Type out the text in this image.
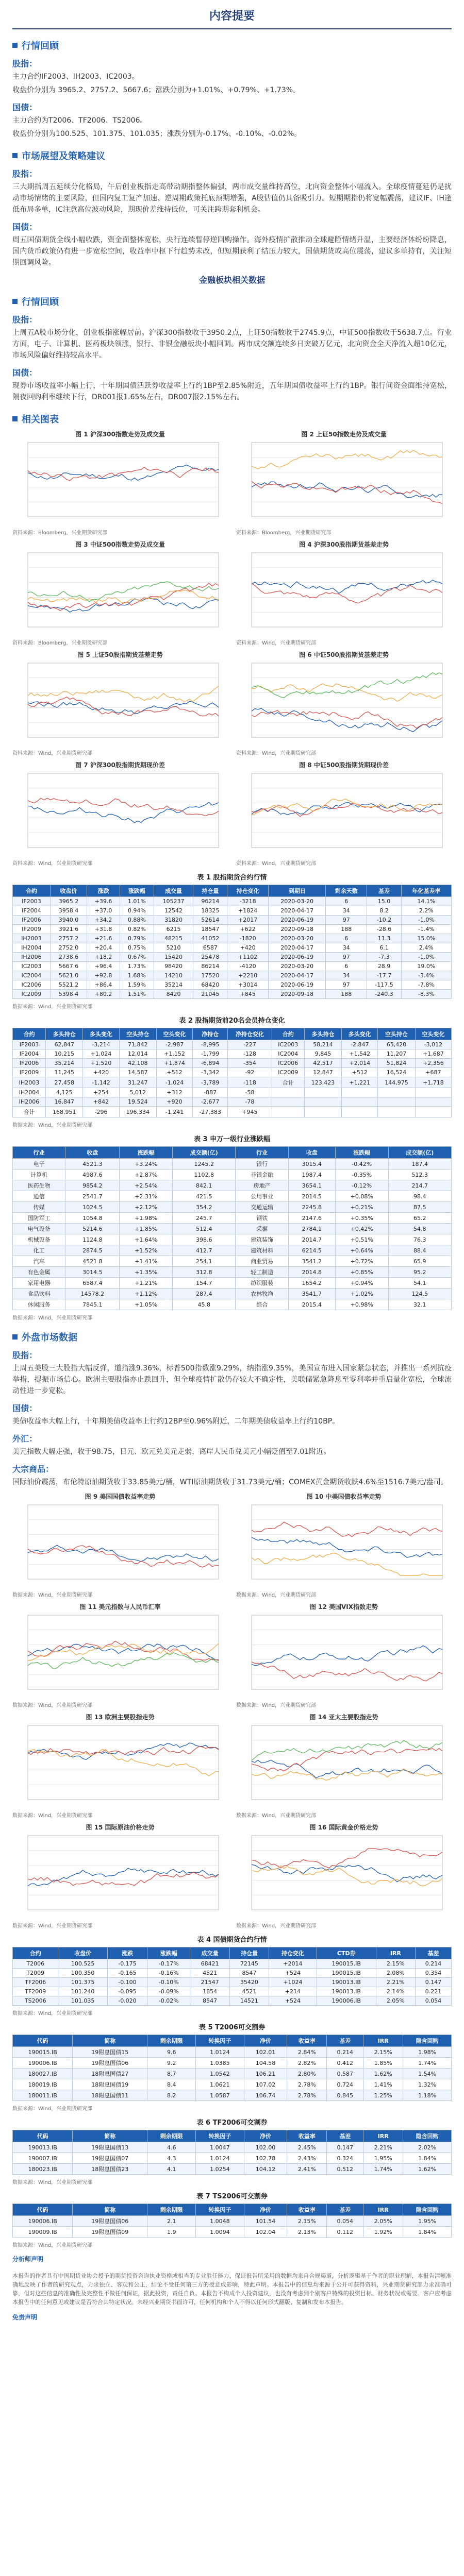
内容提要
行情回顾
股指：
主力合约IF2003、IH2003、IC2003。
收盘价分别为 3965.2、2757.2、5667.6；涨跌分别为+1.01%、+0.79%、+1.73%。
国债：
主力合约为T2006、TF2006、TS2006。
收盘价分别为100.525、101.375、101.035；涨跌分别为-0.17%、-0.10%、-0.02%。
市场展望及策略建议
股指：
三大期指周五延续分化格局，午后创业板指走高带动期指整体偏强，两市成交量维持高位，北向资金整体小幅流入。全球疫情蔓延仍是扰动市场情绪的主要风险，但国内复工复产加速、逆周期政策托底预期增强，A股估值仍具备吸引力。短期期指仍将宽幅震荡，建议IF、IH逢低布局多单，IC注意高位波动风险，期现价差维持低位，可关注跨期套利机会。
国债：
周五国债期货全线小幅收跌，资金面整体宽松，央行连续暂停逆回购操作。海外疫情扩散推动全球避险情绪升温，主要经济体纷纷降息，国内货币政策仍有进一步宽松空间，收益率中枢下行趋势未改，但短期获利了结压力较大，国债期货或高位震荡，建议多单持有，关注短期回调风险。
金融板块相关数据
行情回顾
股指：
上周五A股市场分化，创业板指涨幅居前。沪深300指数收于3950.2点，上证50指数收于2745.9点，中证500指数收于5638.7点。行业方面，电子、计算机、医药板块领涨，银行、非银金融板块小幅回调。两市成交额连续多日突破万亿元，北向资金全天净流入超10亿元，市场风险偏好维持较高水平。
国债：
现券市场收益率小幅上行，十年期国债活跃券收益率上行约1BP至2.85%附近，五年期国债收益率上行约1BP。银行间资金面维持宽松，隔夜回购利率继续下行，DR001报1.65%左右，DR007报2.15%左右。
相关图表
图 1 沪深300指数走势及成交量
资料来源：Bloomberg，兴业期货研究部
图 2 上证50指数走势及成交量
资料来源：Bloomberg，兴业期货研究部
图 3 中证500指数走势及成交量
资料来源：Bloomberg，兴业期货研究部
图 4 沪深300股指期货基差走势
资料来源：Wind，兴业期货研究部
图 5 上证50股指期货基差走势
资料来源：Wind，兴业期货研究部
图 6 中证500股指期货基差走势
资料来源：Wind，兴业期货研究部
图 7 沪深300股指期货期现价差
资料来源：Wind，兴业期货研究部
图 8 中证500股指期货期现价差
资料来源：Wind，兴业期货研究部
表 1 股指期货合约行情
合约	收盘价	涨跌	涨跌幅	成交量	持仓量	持仓变化	到期日	剩余天数	基差	年化基差率
IF2003	3965.2	+39.6	1.01%	105237	96214	-3218	2020-03-20	6	15.0	14.1%
IF2004	3958.4	+37.0	0.94%	12542	18325	+1824	2020-04-17	34	8.2	2.2%
IF2006	3940.0	+34.2	0.88%	31820	52614	+2017	2020-06-19	97	-10.2	-1.0%
IF2009	3921.6	+31.8	0.82%	6215	18547	+622	2020-09-18	188	-28.6	-1.4%
IH2003	2757.2	+21.6	0.79%	48215	41052	-1820	2020-03-20	6	11.3	15.0%
IH2004	2752.0	+20.4	0.75%	5210	6587	+420	2020-04-17	34	6.1	2.4%
IH2006	2738.6	+18.2	0.67%	15420	25478	+1102	2020-06-19	97	-7.3	-1.0%
IC2003	5667.6	+96.4	1.73%	98420	86214	-4120	2020-03-20	6	28.9	19.0%
IC2004	5621.0	+92.8	1.68%	14210	17520	+2210	2020-04-17	34	-17.7	-3.4%
IC2006	5521.2	+86.4	1.59%	35214	68420	+3014	2020-06-19	97	-117.5	-7.8%
IC2009	5398.4	+80.2	1.51%	8420	21045	+845	2020-09-18	188	-240.3	-8.3%
数据来源：Wind，兴业期货研究部
表 2 股指期货前20名会员持仓变化
合约	多头持仓	多头变化	空头持仓	空头变化	净持仓	净持仓变化	合约	多头持仓	多头变化	空头持仓	空头变化
IF2003	62,847	-3,214	71,842	-2,987	-8,995	-227	IC2003	58,214	-2,847	65,420	-3,012
IF2004	10,215	+1,024	12,014	+1,152	-1,799	-128	IC2004	9,845	+1,542	11,207	+1,687
IF2006	35,214	+1,520	42,108	+1,874	-6,894	-354	IC2006	42,517	+2,014	51,824	+2,356
IF2009	11,245	+420	14,587	+512	-3,342	-92	IC2009	12,847	+512	16,524	+687
IH2003	27,458	-1,142	31,247	-1,024	-3,789	-118	合计	123,423	+1,221	144,975	+1,718
IH2004	4,125	+254	5,012	+312	-887	-58					
IH2006	16,847	+842	19,524	+920	-2,677	-78					
合计	168,951	-296	196,334	-1,241	-27,383	+945					
数据来源：Wind，兴业期货研究部
表 3 申万一级行业涨跌幅
行业	收盘	涨跌幅	成交额(亿)	行业	收盘	涨跌幅	成交额(亿)
电子	4521.3	+3.24%	1245.2	银行	3015.4	-0.42%	187.4
计算机	4987.6	+2.87%	1102.8	非银金融	1987.4	-0.35%	512.3
医药生物	9854.2	+2.54%	842.1	房地产	3654.1	-0.12%	214.7
通信	2541.7	+2.31%	421.5	公用事业	2014.5	+0.08%	98.4
传媒	1024.5	+2.12%	354.2	交通运输	2245.8	+0.21%	87.5
国防军工	1054.8	+1.98%	245.7	钢铁	2147.6	+0.35%	65.2
电气设备	5214.6	+1.85%	512.4	采掘	2784.1	+0.42%	54.8
机械设备	1124.8	+1.64%	398.6	建筑装饰	2014.7	+0.51%	76.3
化工	2874.5	+1.52%	412.7	建筑材料	6214.5	+0.64%	88.4
汽车	4521.8	+1.41%	254.1	商业贸易	3541.2	+0.72%	65.9
有色金属	3014.5	+1.35%	312.8	轻工制造	2014.8	+0.85%	95.2
家用电器	6587.4	+1.21%	154.7	纺织服装	1654.2	+0.94%	54.1
食品饮料	14578.2	+1.12%	287.4	农林牧渔	3541.7	+1.02%	124.5
休闲服务	7845.1	+1.05%	45.8	综合	2015.4	+0.98%	32.1
数据来源：Wind，兴业期货研究部
外盘市场数据
股指：
上周五美股三大股指大幅反弹，道指涨9.36%，标普500指数涨9.29%，纳指涨9.35%，美国宣布进入国家紧急状态，并推出一系列抗疫举措，提振市场信心。欧洲主要股指亦止跌回升，但全球疫情扩散仍存较大不确定性，美联储紧急降息至零利率并重启量化宽松，全球流动性进一步宽松。
国债：
美债收益率大幅上行，十年期美债收益率上行约12BP至0.96%附近，二年期美债收益率上行约10BP。
外汇：
美元指数大幅走强，收于98.75，日元、欧元兑美元走弱，离岸人民币兑美元小幅贬值至7.01附近。
大宗商品：
国际油价震荡，布伦特原油期货收于33.85美元/桶，WTI原油期货收于31.73美元/桶；COMEX黄金期货收跌4.6%至1516.7美元/盎司。
图 9 美国国债收益率走势
数据来源：Wind，兴业期货研究部
图 10 中美国债收益率走势
数据来源：Wind，兴业期货研究部
图 11 美元指数与人民币汇率
数据来源：Wind，兴业期货研究部
图 12 美国VIX指数走势
数据来源：Wind，兴业期货研究部
图 13 欧洲主要股指走势
数据来源：Wind，兴业期货研究部
图 14 亚太主要股指走势
数据来源：Wind，兴业期货研究部
图 15 国际原油价格走势
数据来源：Wind，兴业期货研究部
图 16 国际黄金价格走势
数据来源：Wind，兴业期货研究部
表 4 国债期货合约行情
合约	收盘价	涨跌	涨跌幅	成交量	持仓量	持仓变化	CTD券	IRR	基差
T2006	100.525	-0.175	-0.17%	68421	72145	+2014	190015.IB	2.15%	0.214
T2009	100.350	-0.165	-0.16%	4521	8547	+524	190015.IB	2.08%	0.354
TF2006	101.375	-0.100	-0.10%	21547	35420	+1024	190013.IB	2.21%	0.147
TF2009	101.240	-0.095	-0.09%	1854	4521	+214	190013.IB	2.14%	0.221
TS2006	101.035	-0.020	-0.02%	8547	14521	+524	190006.IB	2.05%	0.054
数据来源：Wind，兴业期货研究部
表 5 T2006可交割券
代码	简称	剩余期限	转换因子	净价	收益率	基差	IRR	隐含回购
190015.IB	19附息国债15	9.6	1.0124	102.01	2.84%	0.214	2.15%	1.98%
190006.IB	19附息国债06	9.2	1.0385	104.58	2.82%	0.412	1.85%	1.74%
180027.IB	18附息国债27	8.7	1.0542	106.21	2.80%	0.587	1.62%	1.54%
180019.IB	18附息国债19	8.4	1.0621	107.02	2.78%	0.724	1.41%	1.32%
180011.IB	18附息国债11	8.2	1.0587	106.74	2.78%	0.845	1.25%	1.18%
数据来源：Wind，兴业期货研究部
表 6 TF2006可交割券
代码	简称	剩余期限	转换因子	净价	收益率	基差	IRR	隐含回购
190013.IB	19附息国债13	4.6	1.0047	102.00	2.45%	0.147	2.21%	2.02%
190007.IB	19附息国债07	4.3	1.0124	102.78	2.43%	0.324	1.95%	1.84%
180023.IB	18附息国债23	4.1	1.0254	104.12	2.41%	0.512	1.74%	1.62%
数据来源：Wind，兴业期货研究部
表 7 TS2006可交割券
代码	简称	剩余期限	转换因子	净价	收益率	基差	IRR	隐含回购
190006.IB	19附息国债06	2.1	1.0048	101.54	2.15%	0.054	2.05%	1.95%
190009.IB	19附息国债09	1.9	1.0094	102.04	2.13%	0.112	1.92%	1.84%
数据来源：Wind，兴业期货研究部
分析师声明
本报告的作者具有中国期货业协会授予的期货投资咨询执业资格或相当的专业胜任能力，保证报告所采用的数据均来自合规渠道，分析逻辑基于作者的职业理解，本报告清晰准确地反映了作者的研究观点，力求独立、客观和公正，结论不受任何第三方的授意或影响，特此声明。本报告中的信息均来源于公开可获得资料，兴业期货研究部力求准确可靠，但对这些信息的准确性及完整性不做任何保证，据此投资，责任自负。本报告不构成个人投资建议，也没有考虑到个别客户特殊的投资目标、财务状况或需要。客户应考虑本报告中的任何意见或建议是否符合其特定状况。未经兴业期货书面许可，任何机构和个人不得以任何形式翻版、复制和发布本报告。
免责声明
